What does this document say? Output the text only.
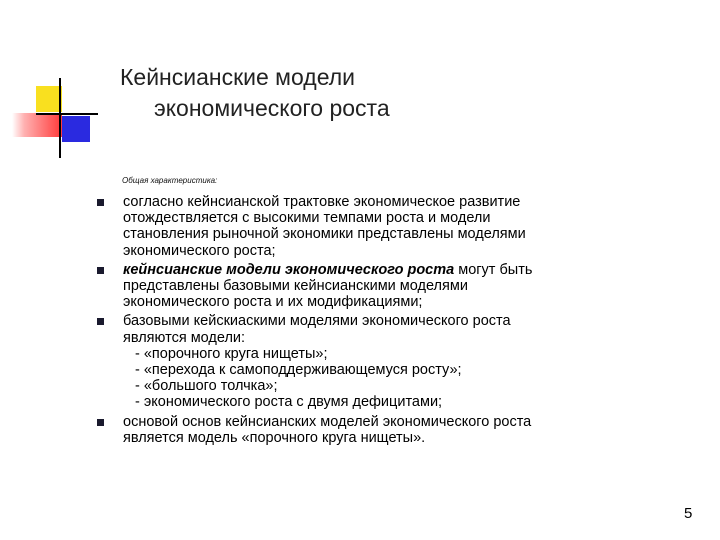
Кейнсианские модели
экономического роста
Общая характеристика:
согласно кейнсианской трактовке экономическое развитие
отождествляется с высокими темпами роста и модели
становления рыночной экономики представлены моделями
экономического роста;
кейнсианские модели экономического роста могут быть
представлены базовыми кейнсианскими моделями
экономического роста и их модификациями;
базовыми кейскиаскими моделями экономического роста
являются модели:
- «порочного круга нищеты»;
- «перехода к самоподдерживающемуся росту»;
- «большого толчка»;
- экономического роста с двумя дефицитами;
основой основ кейнсианских моделей экономического роста
является модель «порочного круга нищеты».
5
